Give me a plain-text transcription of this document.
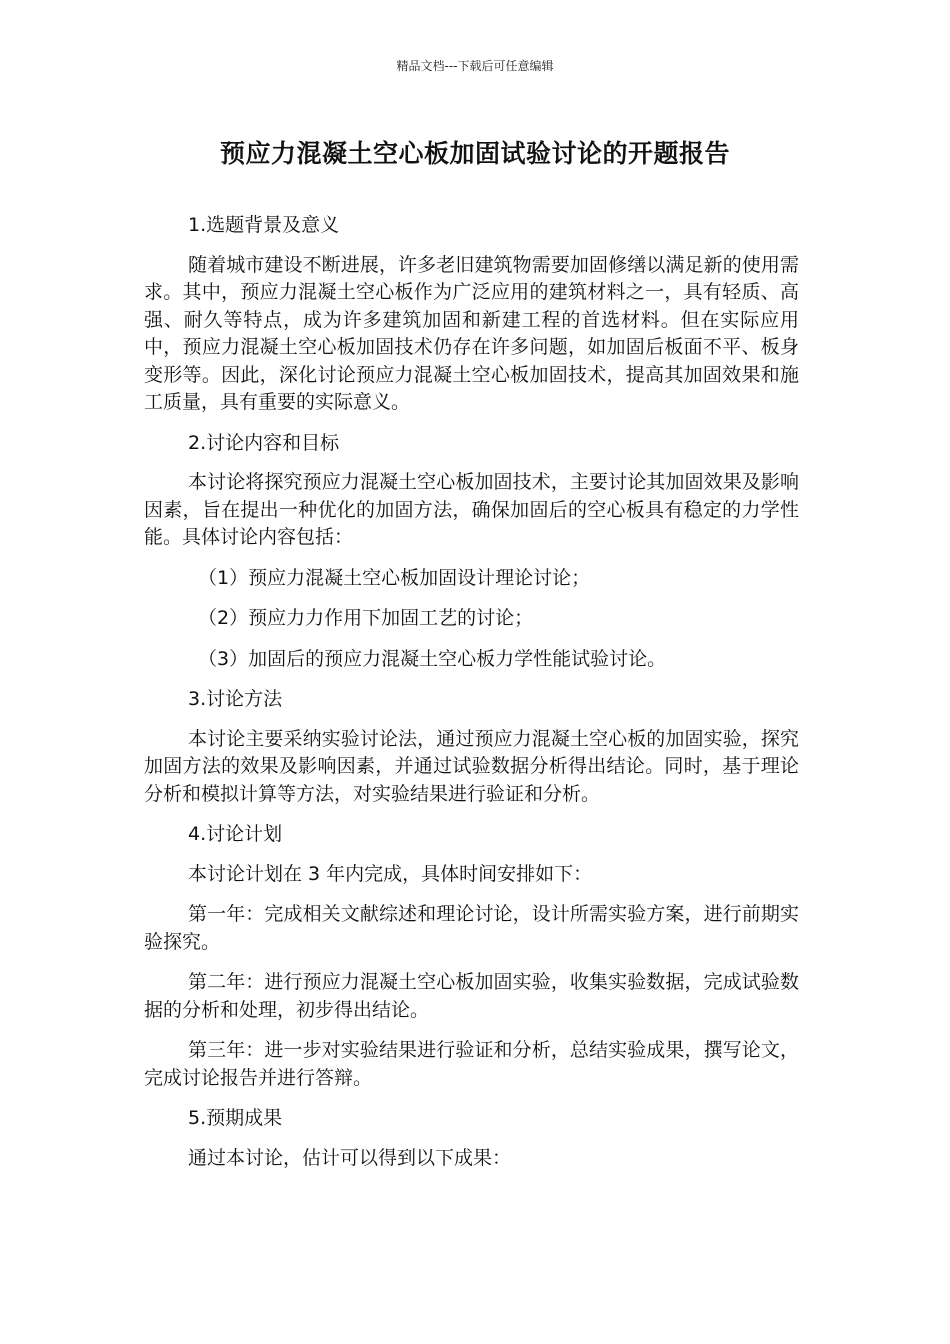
精品文档---下载后可任意编辑
预应力混凝土空心板加固试验讨论的开题报告

1.选题背景及意义

随着城市建设不断进展，许多老旧建筑物需要加固修缮以满足新的使用需求。其中，预应力混凝土空心板作为广泛应用的建筑材料之一，具有轻质、高强、耐久等特点，成为许多建筑加固和新建工程的首选材料。但在实际应用中，预应力混凝土空心板加固技术仍存在许多问题，如加固后板面不平、板身变形等。因此，深化讨论预应力混凝土空心板加固技术，提高其加固效果和施工质量，具有重要的实际意义。

2.讨论内容和目标

本讨论将探究预应力混凝土空心板加固技术，主要讨论其加固效果及影响因素，旨在提出一种优化的加固方法，确保加固后的空心板具有稳定的力学性能。具体讨论内容包括：

（1）预应力混凝土空心板加固设计理论讨论；

（2）预应力力作用下加固工艺的讨论；

（3）加固后的预应力混凝土空心板力学性能试验讨论。

3.讨论方法

本讨论主要采纳实验讨论法，通过预应力混凝土空心板的加固实验，探究加固方法的效果及影响因素，并通过试验数据分析得出结论。同时，基于理论分析和模拟计算等方法，对实验结果进行验证和分析。

4.讨论计划

本讨论计划在 3 年内完成，具体时间安排如下：

第一年：完成相关文献综述和理论讨论，设计所需实验方案，进行前期实验探究。

第二年：进行预应力混凝土空心板加固实验，收集实验数据，完成试验数据的分析和处理，初步得出结论。

第三年：进一步对实验结果进行验证和分析，总结实验成果，撰写论文，完成讨论报告并进行答辩。

5.预期成果

通过本讨论，估计可以得到以下成果：
